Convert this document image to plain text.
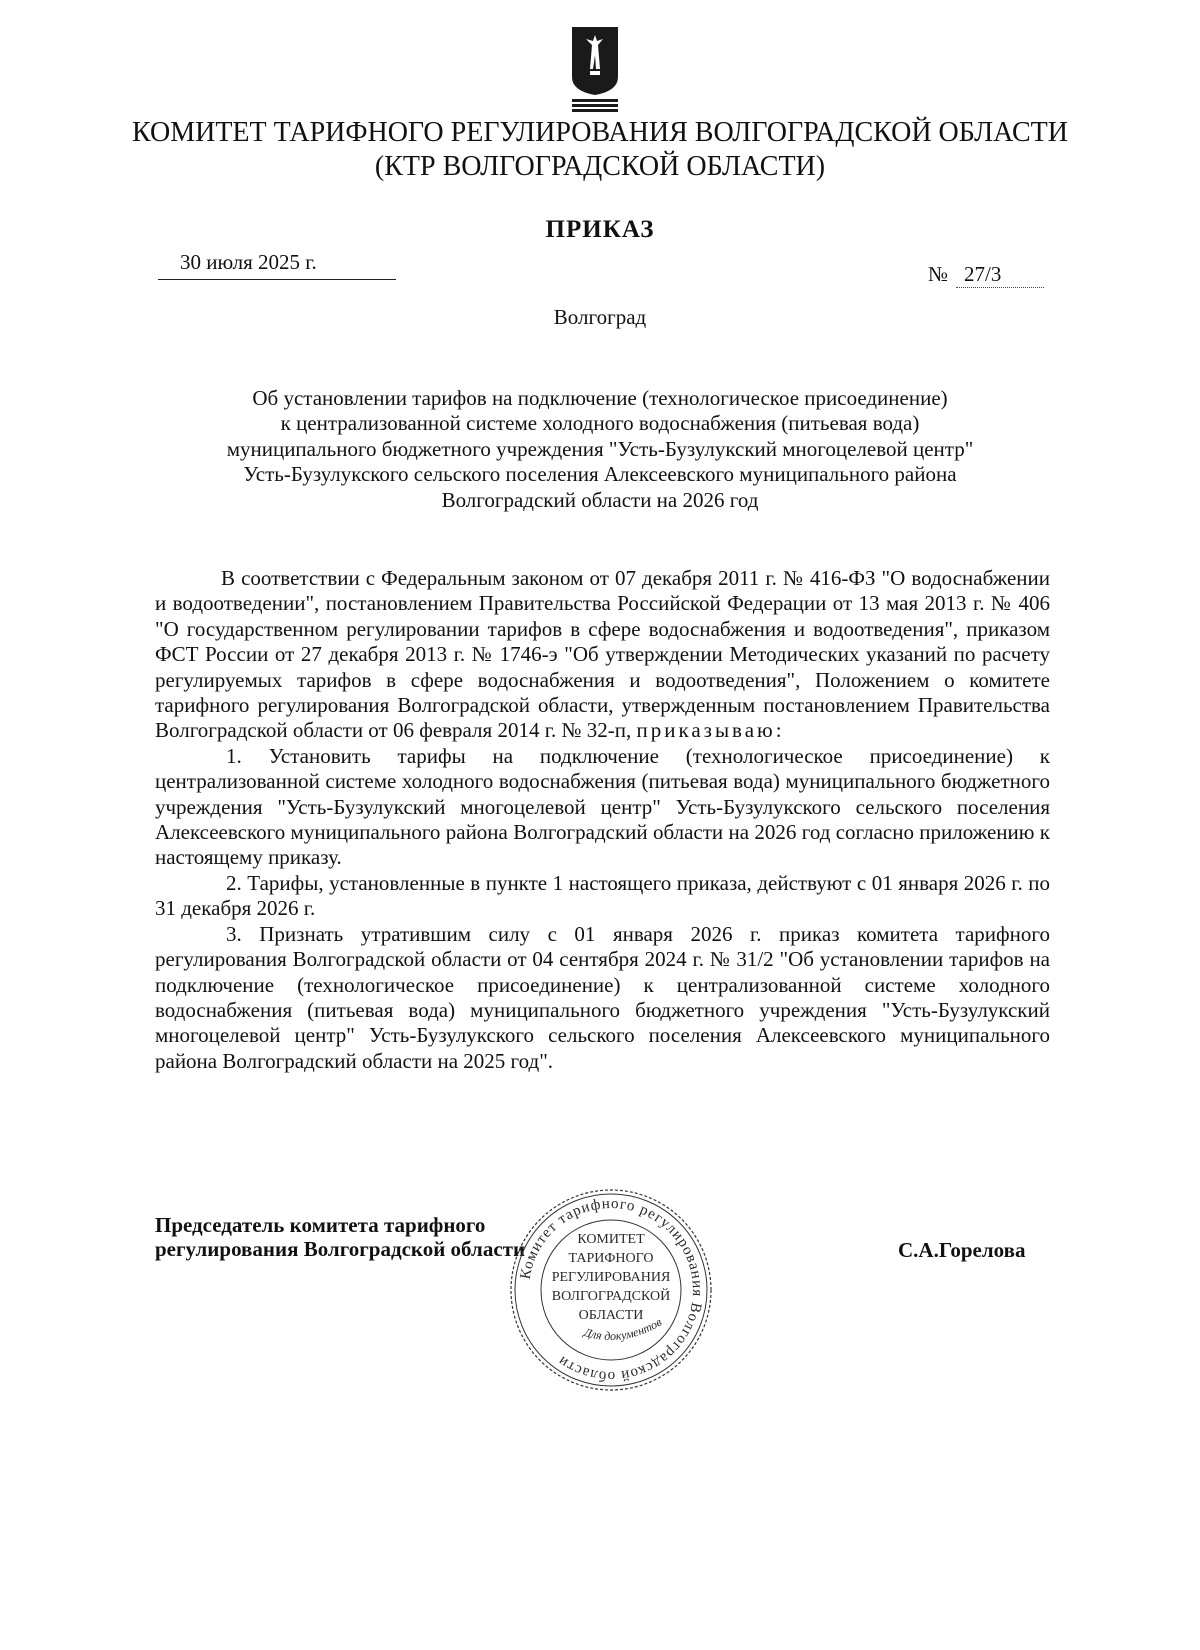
КОМИТЕТ ТАРИФНОГО РЕГУЛИРОВАНИЯ ВОЛГОГРАДСКОЙ ОБЛАСТИ
(КТР ВОЛГОГРАДСКОЙ ОБЛАСТИ)
ПРИКАЗ
30 июля 2025 г.	№ 27/3
Волгоград
Об установлении тарифов на подключение (технологическое присоединение)
к централизованной системе холодного водоснабжения (питьевая вода)
муниципального бюджетного учреждения "Усть-Бузулукский многоцелевой центр"
Усть-Бузулукского сельского поселения Алексеевского муниципального района
Волгоградский области на 2026 год

В соответствии с Федеральным законом от 07 декабря 2011 г. № 416-ФЗ "О водоснабжении и водоотведении", постановлением Правительства Российской Федерации от 13 мая 2013 г. № 406 "О государственном регулировании тарифов в сфере водоснабжения и водоотведения", приказом ФСТ России от 27 декабря 2013 г. № 1746-э "Об утверждении Методических указаний по расчету регулируемых тарифов в сфере водоснабжения и водоотведения", Положением о комитете тарифного регулирования Волгоградской области, утвержденным постановлением Правительства Волгоградской области от 06 февраля 2014 г. № 32-п, приказываю:

1. Установить тарифы на подключение (технологическое присоединение) к централизованной системе холодного водоснабжения (питьевая вода) муниципального бюджетного учреждения "Усть-Бузулукский многоцелевой центр" Усть-Бузулукского сельского поселения Алексеевского муниципального района Волгоградский области на 2026 год согласно приложению к настоящему приказу.

2. Тарифы, установленные в пункте 1 настоящего приказа, действуют с 01 января 2026 г. по 31 декабря 2026 г.

3. Признать утратившим силу с 01 января 2026 г. приказ комитета тарифного регулирования Волгоградской области от 04 сентября 2024 г. № 31/2 "Об установлении тарифов на подключение (технологическое присоединение) к централизованной системе холодного водоснабжения (питьевая вода) муниципального бюджетного учреждения "Усть-Бузулукский многоцелевой центр" Усть-Бузулукского сельского поселения Алексеевского муниципального района Волгоградский области на 2025 год".

Председатель комитета тарифного
регулирования Волгоградской области	С.А.Горелова
Комитет тарифного регулирования Волгоградской области
Для документов
КОМИТЕТ
ТАРИФНОГО
РЕГУЛИРОВАНИЯ
ВОЛГОГРАДСКОЙ
ОБЛАСТИ
